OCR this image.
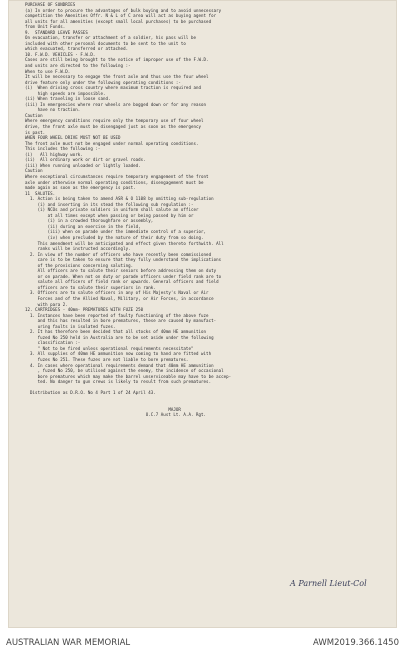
PURCHASE OF SUNDRIES
(a) In order to procure the advantages of bulk buying and to avoid unnecessary
competition the Amenities Offr. N & L of C area will act as buying agent for
all units for all amenities (except small local purchases) to be purchased
from Unit Funds.
9.  STANDARD LEAVE PASSES
On evacuation, transfer or attachment of a soldier, his pass will be
included with other personal documents to be sent to the unit to
which evacuated, transferred or attached.
10. F.W.D. VEHICLES - F.W.D.
Cases are still being brought to the notice of improper use of the F.W.D.
and units are directed to the following :-
When to use F.W.D.
It will be necessary to engage the front axle and thus use the four wheel
drive feature only under the following operating conditions :-
(i)  When driving cross country where maximum traction is required and
high speeds are impossible.
(ii) When traveling in loose sand.
(iii) In emergencies where rear wheels are bogged down or for any reason
have no traction.
Caution
Where emergency conditions require only the temporary use of four wheel
drive, the front axle must be disengaged just as soon as the emergency
is past.
WHEN FOUR WHEEL DRIVE MUST NOT BE USED
The front axle must not be engaged under normal operating conditions.
This includes the following :-
(i)   All highway work.
(ii)  All ordinary work or dirt or gravel roads.
(iii) When running unloaded or lightly loaded.
Caution
Where exceptional circumstances require temporary engagement of the front
axle under otherwise normal operating conditions, disengagement must be
made again as soon as the emergency is past.
11  SALUTES.
1. Action is being taken to amend ASR & O 1108 by omitting sub-regulation
(i) and inserting in its stead the following sub regulation :-
(i) NCOs and private soldiers in uniform shall salute an officer
at all times except when passing or being passed by him or
(i) in a crowded thoroughfare or assembly,
(ii) during an exercise in the field,
(iii) when on parade under the immediate control of a superior,
(iv) when precluded by the nature of their duty from so doing.
This amendment will be anticipated and effect given thereto forthwith. All
ranks will be instructed accordingly.
2. In view of the number of officers who have recently been commissioned
care is to be taken to ensure that they fully understand the implications
of the provisions concerning saluting.
All officers are to salute their seniors before addressing them on duty
or on parade. When not on duty or parade officers under field rank are to
salute all officers of field rank or upwards. General officers and field
officers are to salute their superiors in rank.
3. Officers are to salute officers in any of His Majesty's Naval or Air
Forces and of the Allied Naval, Military, or Air Forces, in accordance
with para 2.
12. CARTRIDGES - 40mm- PREMATURES WITH FUZE 250
1. Instances have been reported of faulty functioning of the above fuze
and this has resulted in bore prematures, these are caused by manufact-
uring faults in isolated fuzes.
2. It has therefore been decided that all stocks of 40mm HE ammunition
fuzed No 250 held in Australia are to be set aside under the following
classification :-
" Not to be fired unless operational requirements necessitate"
3. All supplies of 40mm HE ammunition now coming to hand are fitted with
fuzes No 251. These fuzes are not liable to bore prematures.
4. In cases where operational requirements demand that 40mm HE ammunition
, fuzed No 250, be utilised against the enemy, the incidence of occasional
bore prematures which may make the barrel unserviceable may have to be accep-
ted. No danger to gun crews is likely to result from such prematures.
Distribution as D.R.O. No 4 Part 1 of 24 April 43.
MAJOR
O.C.7 Aust Lt. A.A. Rgt.
A Parnell Lieut-Col
AUSTRALIAN WAR MEMORIAL	AWM2019.366.1450
